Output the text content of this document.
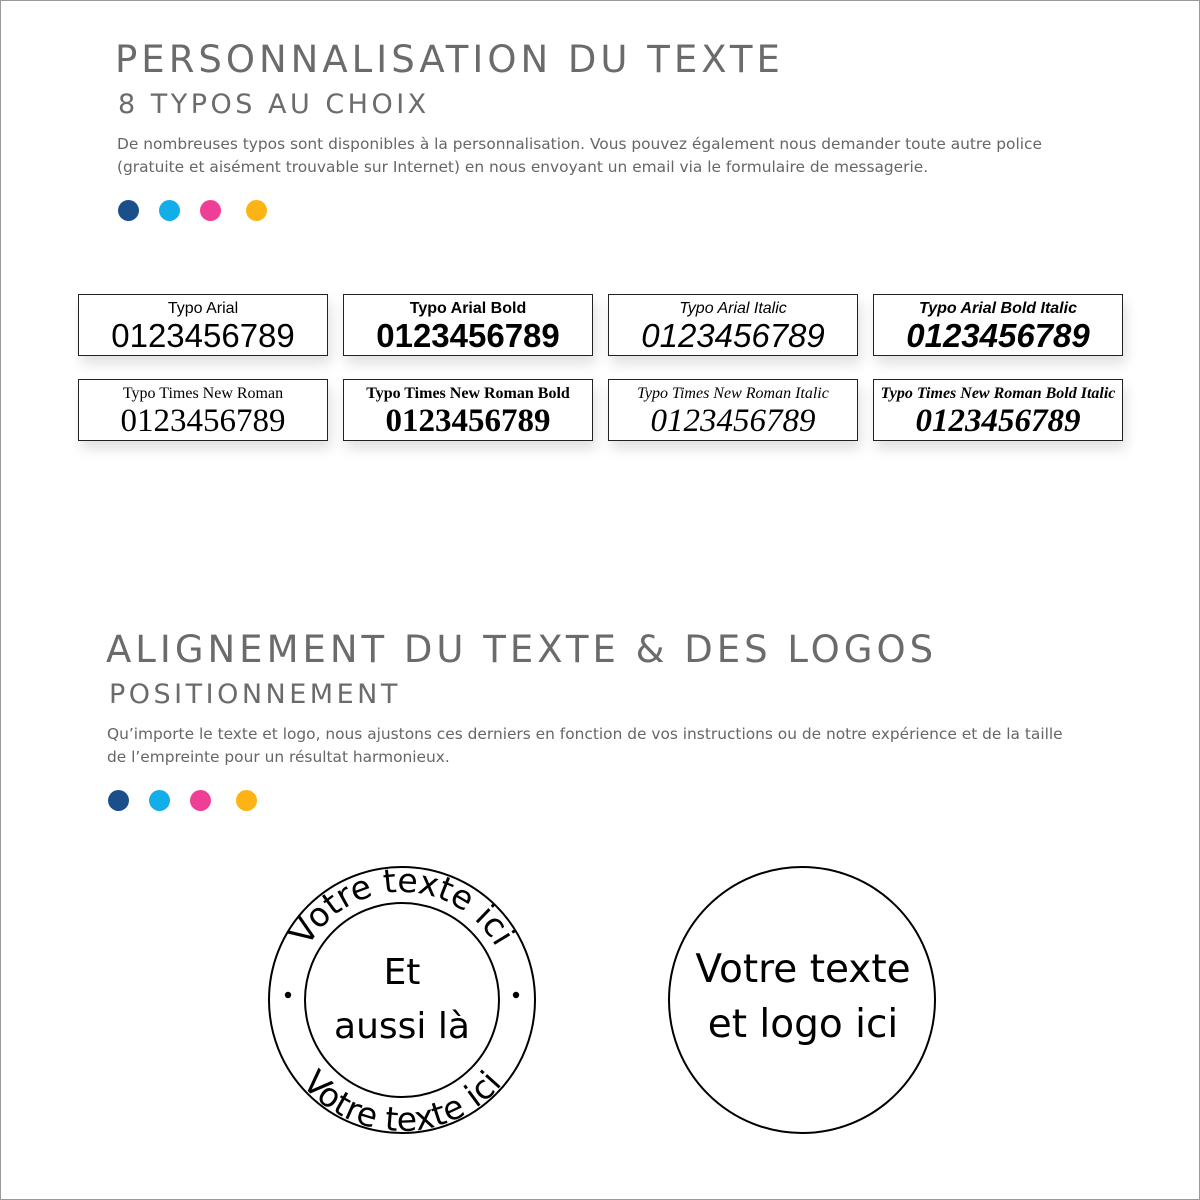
PERSONNALISATION DU TEXTE
8 TYPOS AU CHOIX

De nombreuses typos sont disponibles à la personnalisation. Vous pouvez également nous demander toute autre police (gratuite et aisément trouvable sur Internet) en nous envoyant un email via le formulaire de messagerie.

Typo Arial
0123456789
Typo Arial Bold
0123456789
Typo Arial Italic
0123456789
Typo Arial Bold Italic
0123456789
Typo Times New Roman
0123456789
Typo Times New Roman Bold
0123456789
Typo Times New Roman Italic
0123456789
Typo Times New Roman Bold Italic
0123456789
ALIGNEMENT DU TEXTE & DES LOGOS
POSITIONNEMENT

Qu’importe le texte et logo, nous ajustons ces derniers en fonction de vos instructions ou de notre expérience et de la taille de l’empreinte pour un résultat harmonieux.

Votre texte ici
Votre texte ici
Et
aussi là
Votre texte
et logo ici
